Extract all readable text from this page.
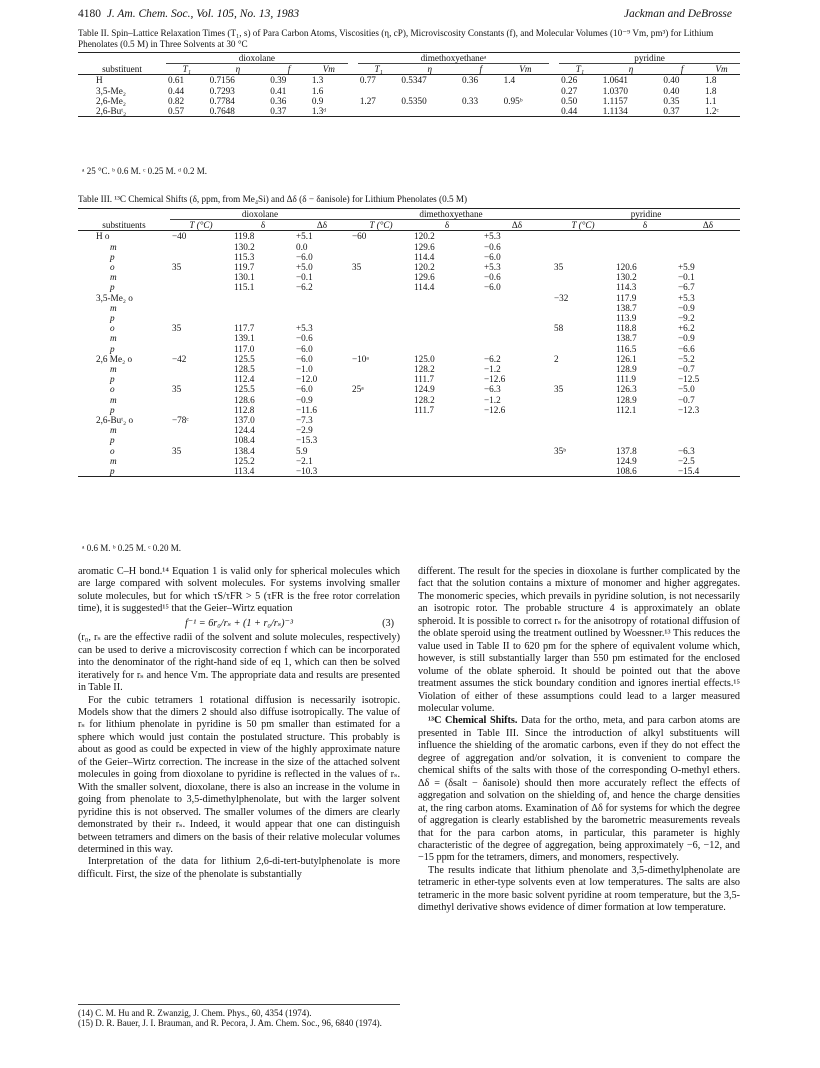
4180 J. Am. Chem. Soc., Vol. 105, No. 13, 1983	Jackman and DeBrosse
Table II. Spin–Lattice Relaxation Times (T₁, s) of Para Carbon Atoms, Viscosities (η, cP), Microviscosity Constants (f), and Molecular Volumes (10⁻⁹ Vm, pm³) for Lithium Phenolates (0.5 M) in Three Solvents at 30 °C
	dioxolane					dimethoxyethaneᵃ					pyridine			
substituent	T₁	η	f	Vm		T₁	η	f	Vm		T₁	η	f	Vm
H	0.61	0.7156	0.39	1.3		0.77	0.5347	0.36	1.4		0.26	1.0641	0.40	1.8
3,5-Me₂	0.44	0.7293	0.41	1.6							0.27	1.0370	0.40	1.8
2,6-Me₂	0.82	0.7784	0.36	0.9		1.27	0.5350	0.33	0.95ᵇ		0.50	1.1157	0.35	1.1
2,6-Buᵗ₂	0.57	0.7648	0.37	1.3ᵈ							0.44	1.1134	0.37	1.2ᶜ
ᵃ 25 °C. ᵇ 0.6 M. ᶜ 0.25 M. ᵈ 0.2 M.
Table III. ¹³C Chemical Shifts (δ, ppm, from Me₄Si) and Δδ (δ − δanisole) for Lithium Phenolates (0.5 M)
	dioxolane			dimethoxyethane			pyridine		
substituents	T (°C)	δ	Δδ	T (°C)	δ	Δδ	T (°C)	δ	Δδ
H o	−40	119.8	+5.1	−60	120.2	+5.3			
m		130.2	0.0		129.6	−0.6			
p		115.3	−6.0		114.4	−6.0			
o	35	119.7	+5.0	35	120.2	+5.3	35	120.6	+5.9
m		130.1	−0.1		129.6	−0.6		130.2	−0.1
p		115.1	−6.2		114.4	−6.0		114.3	−6.7
3,5-Me₂ o							−32	117.9	+5.3
m								138.7	−0.9
p								113.9	−9.2
o	35	117.7	+5.3				58	118.8	+6.2
m		139.1	−0.6					138.7	−0.9
p		117.0	−6.0					116.5	−6.6
2,6 Me₂ o	−42	125.5	−6.0	−10ᵃ	125.0	−6.2	2	126.1	−5.2
m		128.5	−1.0		128.2	−1.2		128.9	−0.7
p		112.4	−12.0		111.7	−12.6		111.9	−12.5
o	35	125.5	−6.0	25ᵃ	124.9	−6.3	35	126.3	−5.0
m		128.6	−0.9		128.2	−1.2		128.9	−0.7
p		112.8	−11.6		111.7	−12.6		112.1	−12.3
2,6-Buᵗ₂ o	−78ᶜ	137.0	−7.3						
m		124.4	−2.9						
p		108.4	−15.3						
o	35	138.4	5.9				35ᵇ	137.8	−6.3
m		125.2	−2.1					124.9	−2.5
p		113.4	−10.3					108.6	−15.4
ᵃ 0.6 M. ᵇ 0.25 M. ᶜ 0.20 M.

aromatic C–H bond.¹⁴ Equation 1 is valid only for spherical molecules which are large compared with solvent molecules. For systems involving smaller solute molecules, but for which τS/τFR > 5 (τFR is the free rotor correlation time), it is suggested¹⁵ that the Geier–Wirtz equation

f⁻¹ = 6r₀/rₛ + (1 + r₀/rₛ)⁻³	(3)

(r₀, rₛ are the effective radii of the solvent and solute molecules, respectively) can be used to derive a microviscosity correction f which can be incorporated into the denominator of the right-hand side of eq 1, which can then be solved iteratively for rₛ and hence Vm. The appropriate data and results are presented in Table II.

For the cubic tetramers 1 rotational diffusion is necessarily isotropic. Models show that the dimers 2 should also diffuse isotropically. The value of rₛ for lithium phenolate in pyridine is 50 pm smaller than estimated for a sphere which would just contain the postulated structure. This probably is about as good as could be expected in view of the highly approximate nature of the Geier–Wirtz correction. The increase in the size of the attached solvent molecules in going from dioxolane to pyridine is reflected in the values of rₛ. With the smaller solvent, dioxolane, there is also an increase in the volume in going from phenolate to 3,5-dimethylphenolate, but with the larger solvent pyridine this is not observed. The smaller volumes of the dimers are clearly demonstrated by their rₛ. Indeed, it would appear that one can distinguish between tetramers and dimers on the basis of their relative molecular volumes determined in this way.

Interpretation of the data for lithium 2,6-di-tert-butylphenolate is more difficult. First, the size of the phenolate is substantially

(14) C. M. Hu and R. Zwanzig, J. Chem. Phys., 60, 4354 (1974).
(15) D. R. Bauer, J. I. Brauman, and R. Pecora, J. Am. Chem. Soc., 96, 6840 (1974).

different. The result for the species in dioxolane is further complicated by the fact that the solution contains a mixture of monomer and higher aggregates. The monomeric species, which prevails in pyridine solution, is not necessarily an isotropic rotor. The probable structure 4 is approximately an oblate spheroid. It is possible to correct rₛ for the anisotropy of rotational diffusion of the oblate speroid using the treatment outlined by Woessner.¹³ This reduces the value used in Table II to 620 pm for the sphere of equivalent volume which, however, is still substantially larger than 550 pm estimated for the enclosed volume of the oblate spheroid. It should be pointed out that the above treatment assumes the stick boundary condition and ignores inertial effects.¹⁵ Violation of either of these assumptions could lead to a larger measured molecular volume.

¹³C Chemical Shifts. Data for the ortho, meta, and para carbon atoms are presented in Table III. Since the introduction of alkyl substituents will influence the shielding of the aromatic carbons, even if they do not effect the degree of aggregation and/or solvation, it is convenient to compare the chemical shifts of the salts with those of the corresponding O-methyl ethers. Δδ = (δsalt − δanisole) should then more accurately reflect the effects of aggregation and solvation on the shielding of, and hence the charge densities at, the ring carbon atoms. Examination of Δδ for systems for which the degree of aggregation is clearly established by the barometric measurements reveals that for the para carbon atoms, in particular, this parameter is highly characteristic of the degree of aggregation, being approximately −6, −12, and −15 ppm for the tetramers, dimers, and monomers, respectively.

The results indicate that lithium phenolate and 3,5-dimethylphenolate are tetrameric in ether-type solvents even at low temperatures. The salts are also tetrameric in the more basic solvent pyridine at room temperature, but the 3,5-dimethyl derivative shows evidence of dimer formation at low temperature.
